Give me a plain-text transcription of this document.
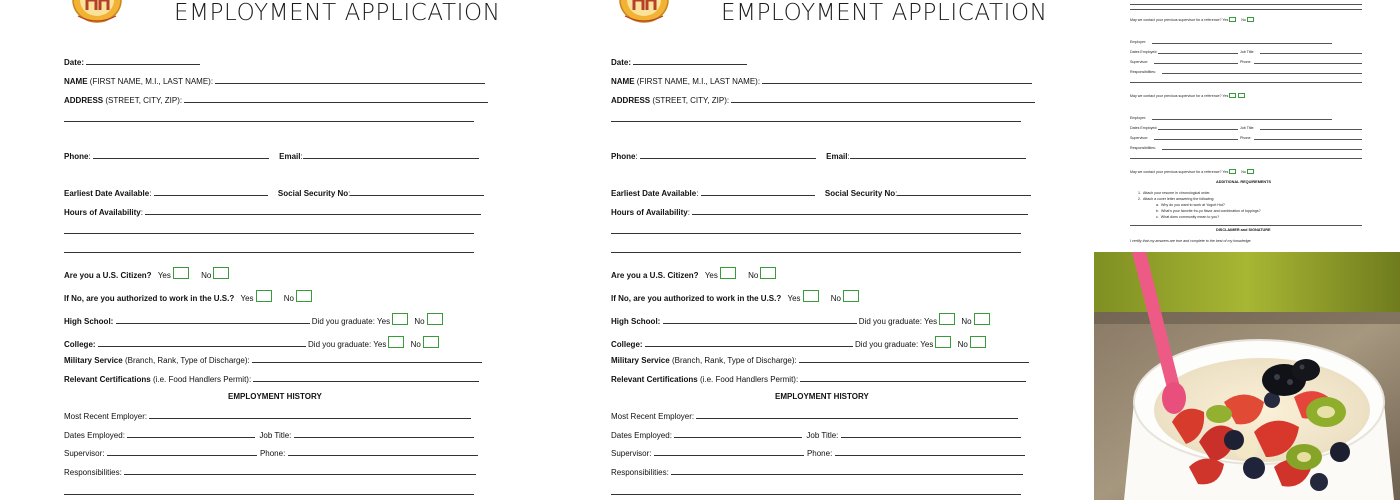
EMPLOYMENT APPLICATION
Date:
NAME (FIRST NAME, M.I., LAST NAME):
ADDRESS (STREET, CITY, ZIP):
Phone:	Email:
Earliest Date Available:	Social Security No:
Hours of Availability:
Are you a U.S. Citizen? Yes	No
If No, are you authorized to work in the U.S.? Yes	No
High School:	Did you graduate: Yes	No
College:	Did you graduate: Yes	No
Military Service (Branch, Rank, Type of Discharge):
Relevant Certifications (i.e. Food Handlers Permit):
EMPLOYMENT HISTORY
Most Recent Employer:
Dates Employed:	Job Title:
Supervisor:	Phone:
Responsibilities:
EMPLOYMENT APPLICATION
Date:
NAME (FIRST NAME, M.I., LAST NAME):
ADDRESS (STREET, CITY, ZIP):
Phone:	Email:
Earliest Date Available:	Social Security No:
Hours of Availability:
Are you a U.S. Citizen? Yes	No
If No, are you authorized to work in the U.S.? Yes	No
High School:	Did you graduate: Yes	No
College:	Did you graduate: Yes	No
Military Service (Branch, Rank, Type of Discharge):
Relevant Certifications (i.e. Food Handlers Permit):
EMPLOYMENT HISTORY
Most Recent Employer:
Dates Employed:	Job Title:
Supervisor:	Phone:
Responsibilities:
May we contact your previous supervisor for a reference? Yes	No
Employer:
Dates Employed:	Job Title:
Supervisor:	Phone:
Responsibilities:
May we contact your previous supervisor for a reference? Yes
Employer:
Dates Employed:	Job Title:
Supervisor:	Phone:
Responsibilities:
May we contact your previous supervisor for a reference? Yes	No
ADDITIONAL REQUIREMENTS
1.  Attach your resume in chronological order.
2.  Attach a cover letter answering the following:
a.  Why do you want to work at Yogurt Hut?
b.  What's your favorite fro-yo flavor and combination of toppings?
c.  What does community mean to you?
DISCLAIMER and SIGNATURE
I certify that my answers are true and complete to the best of my knowledge.
